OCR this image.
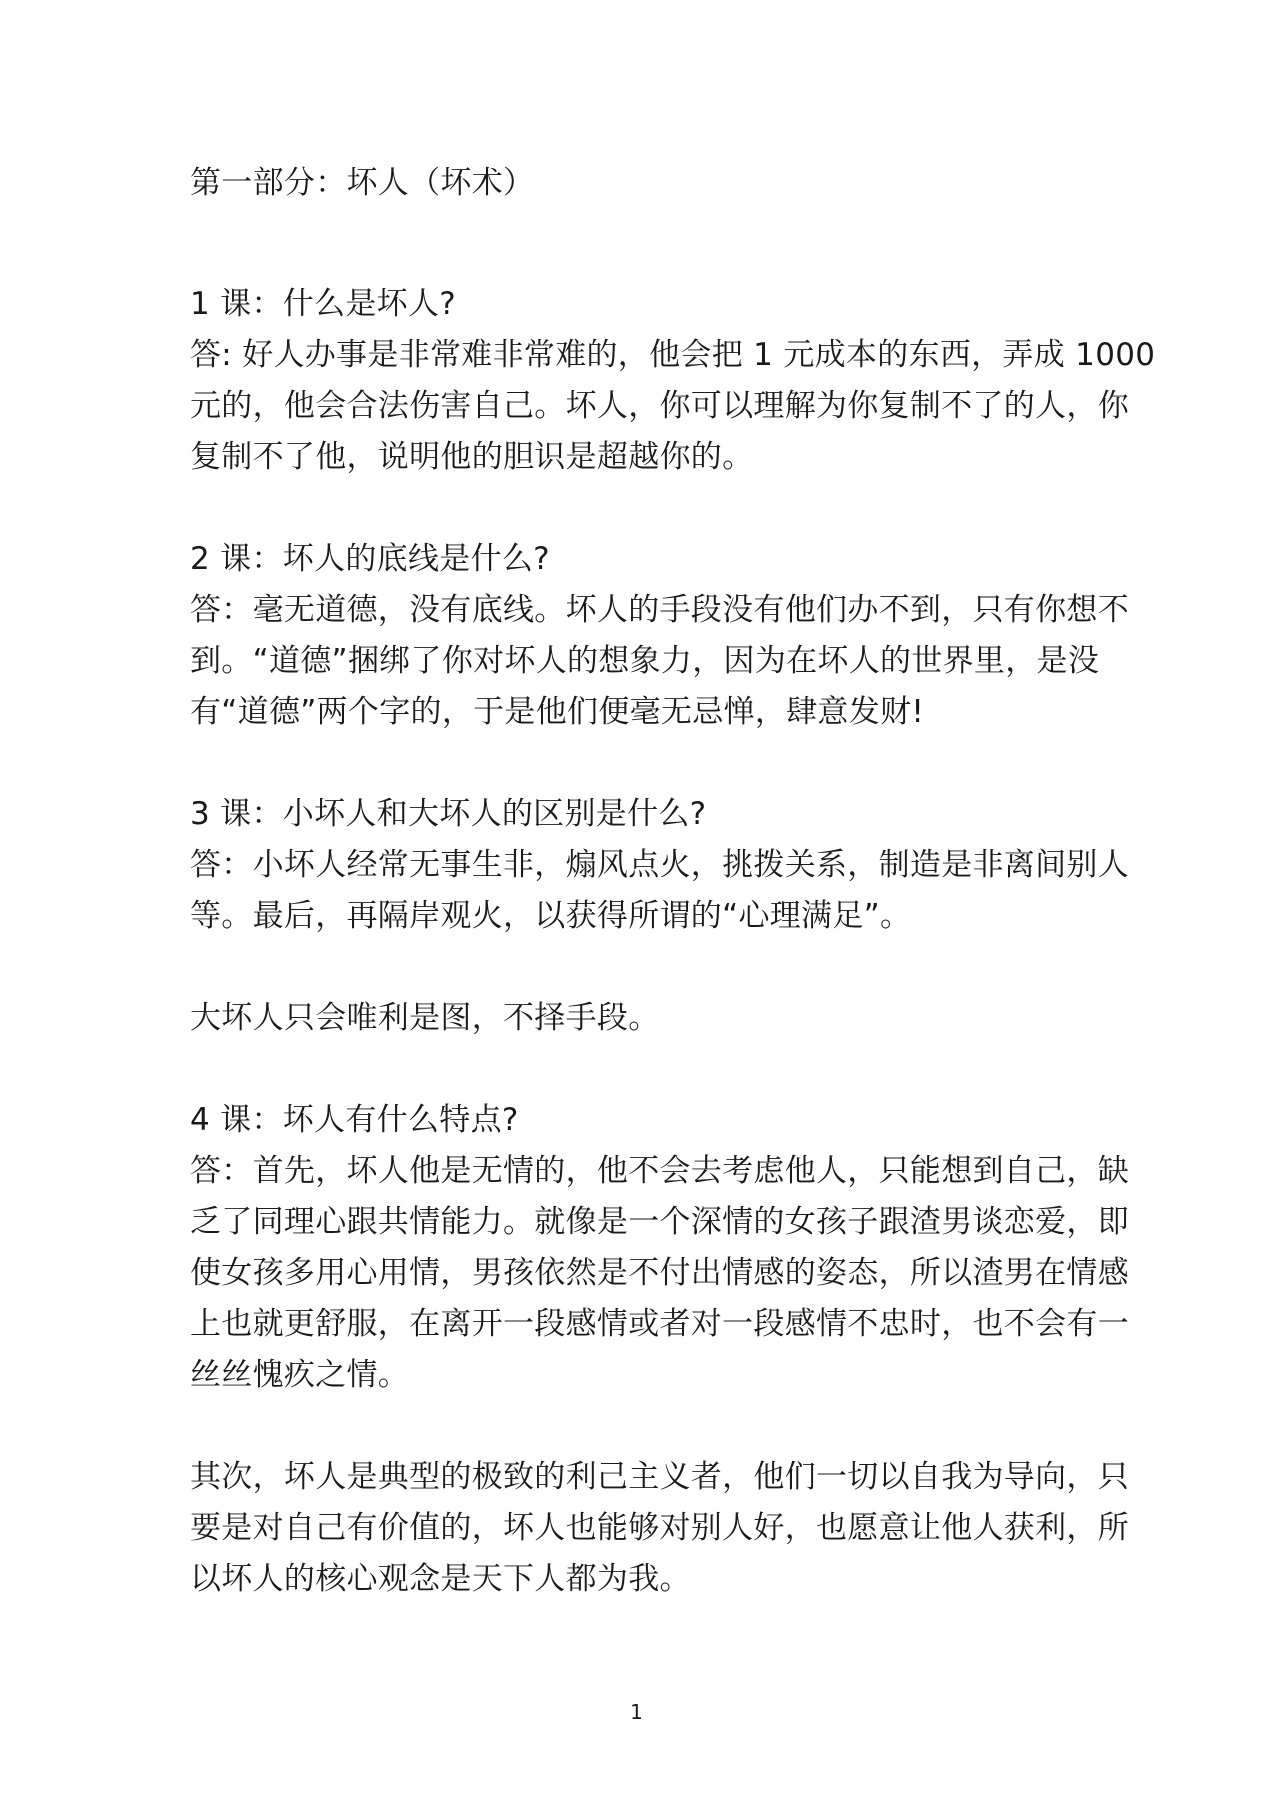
第一部分：坏人（坏术）
1 课：什么是坏人?
答: 好人办事是非常难非常难的，他会把 1 元成本的东西，弄成 1000
元的，他会合法伤害自己。坏人，你可以理解为你复制不了的人，你
复制不了他，说明他的胆识是超越你的。
2 课：坏人的底线是什么?
答：毫无道德，没有底线。坏人的手段没有他们办不到，只有你想不
到。“道德”捆绑了你对坏人的想象力，因为在坏人的世界里，是没
有“道德”两个字的，于是他们便毫无忌惮，肆意发财!
3 课：小坏人和大坏人的区别是什么?
答：小坏人经常无事生非，煽风点火，挑拨关系，制造是非离间别人
等。最后，再隔岸观火，以获得所谓的“心理满足”。
大坏人只会唯利是图，不择手段。
4 课：坏人有什么特点?
答：首先，坏人他是无情的，他不会去考虑他人，只能想到自己，缺
乏了同理心跟共情能力。就像是一个深情的女孩子跟渣男谈恋爱，即
使女孩多用心用情，男孩依然是不付出情感的姿态，所以渣男在情感
上也就更舒服，在离开一段感情或者对一段感情不忠时，也不会有一
丝丝愧疚之情。
其次，坏人是典型的极致的利己主义者，他们一切以自我为导向，只
要是对自己有价值的，坏人也能够对别人好，也愿意让他人获利，所
以坏人的核心观念是天下人都为我。
1
